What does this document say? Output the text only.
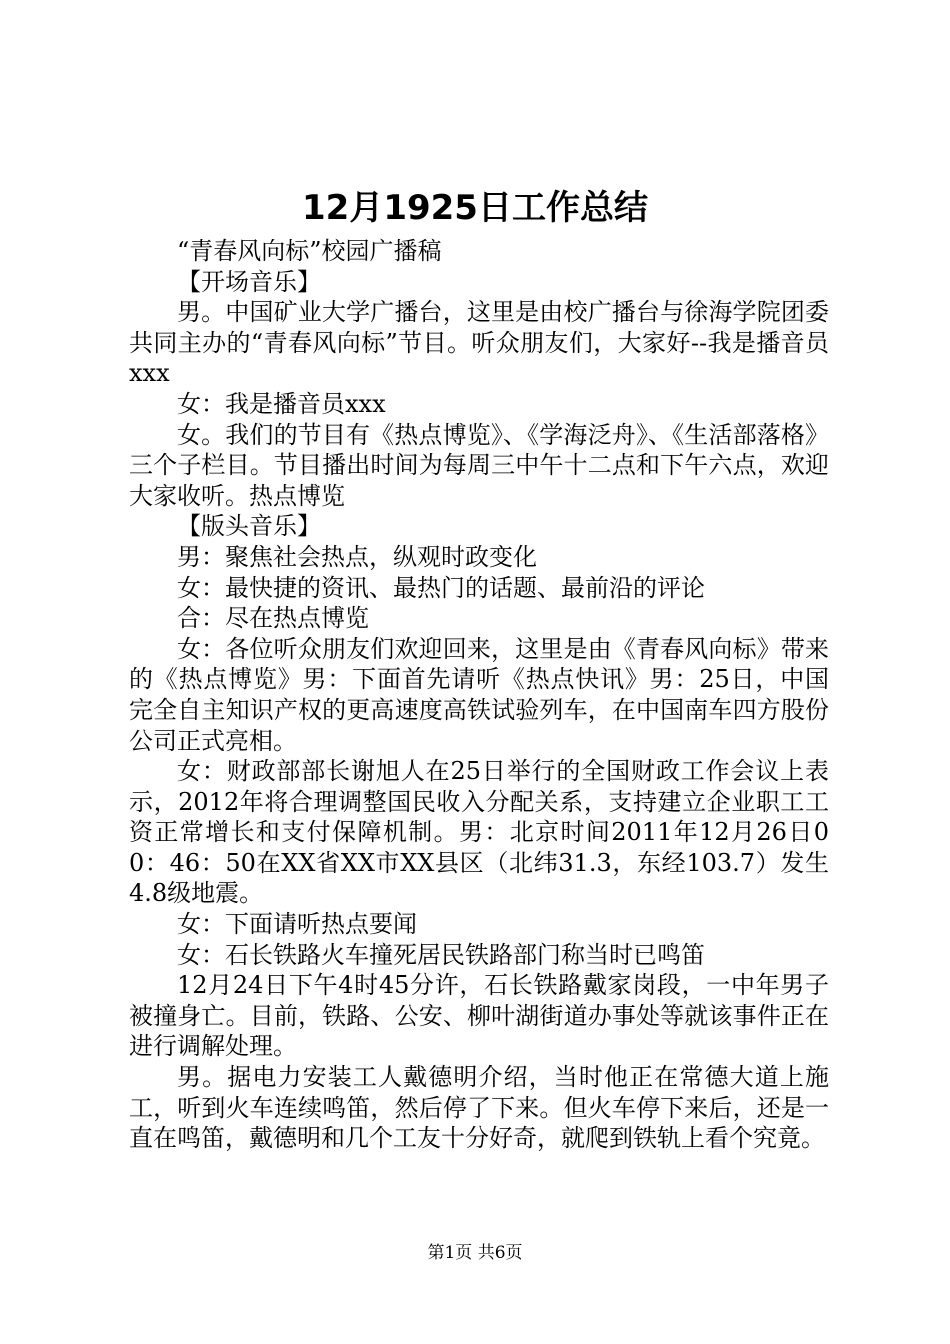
12月1925日工作总结

“青春风向标”校园广播稿

【开场音乐】

男。中国矿业大学广播台，这里是由校广播台与徐海学院团委共同主办的“青春风向标”节目。听众朋友们，大家好--我是播音员xxx

女：我是播音员xxx

女。我们的节目有《热点博览》、《学海泛舟》、《生活部落格》三个子栏目。节目播出时间为每周三中午十二点和下午六点，欢迎大家收听。热点博览

【版头音乐】

男：聚焦社会热点，纵观时政变化

女：最快捷的资讯、最热门的话题、最前沿的评论

合：尽在热点博览

女：各位听众朋友们欢迎回来，这里是由《青春风向标》带来的《热点博览》男：下面首先请听《热点快讯》男：25日，中国完全自主知识产权的更高速度高铁试验列车，在中国南车四方股份公司正式亮相。

女：财政部部长谢旭人在25日举行的全国财政工作会议上表示，2012年将合理调整国民收入分配关系，支持建立企业职工工资正常增长和支付保障机制。男：北京时间2011年12月26日00：46：50在XX省XX市XX县区（北纬31.3，东经103.7）发生4.8级地震。

女：下面请听热点要闻

女：石长铁路火车撞死居民铁路部门称当时已鸣笛

12月24日下午4时45分许，石长铁路戴家岗段，一中年男子被撞身亡。目前，铁路、公安、柳叶湖街道办事处等就该事件正在进行调解处理。

男。据电力安装工人戴德明介绍，当时他正在常德大道上施工，听到火车连续鸣笛，然后停了下来。但火车停下来后，还是一直在鸣笛，戴德明和几个工友十分好奇，就爬到铁轨上看个究竟。

第1页 共6页
